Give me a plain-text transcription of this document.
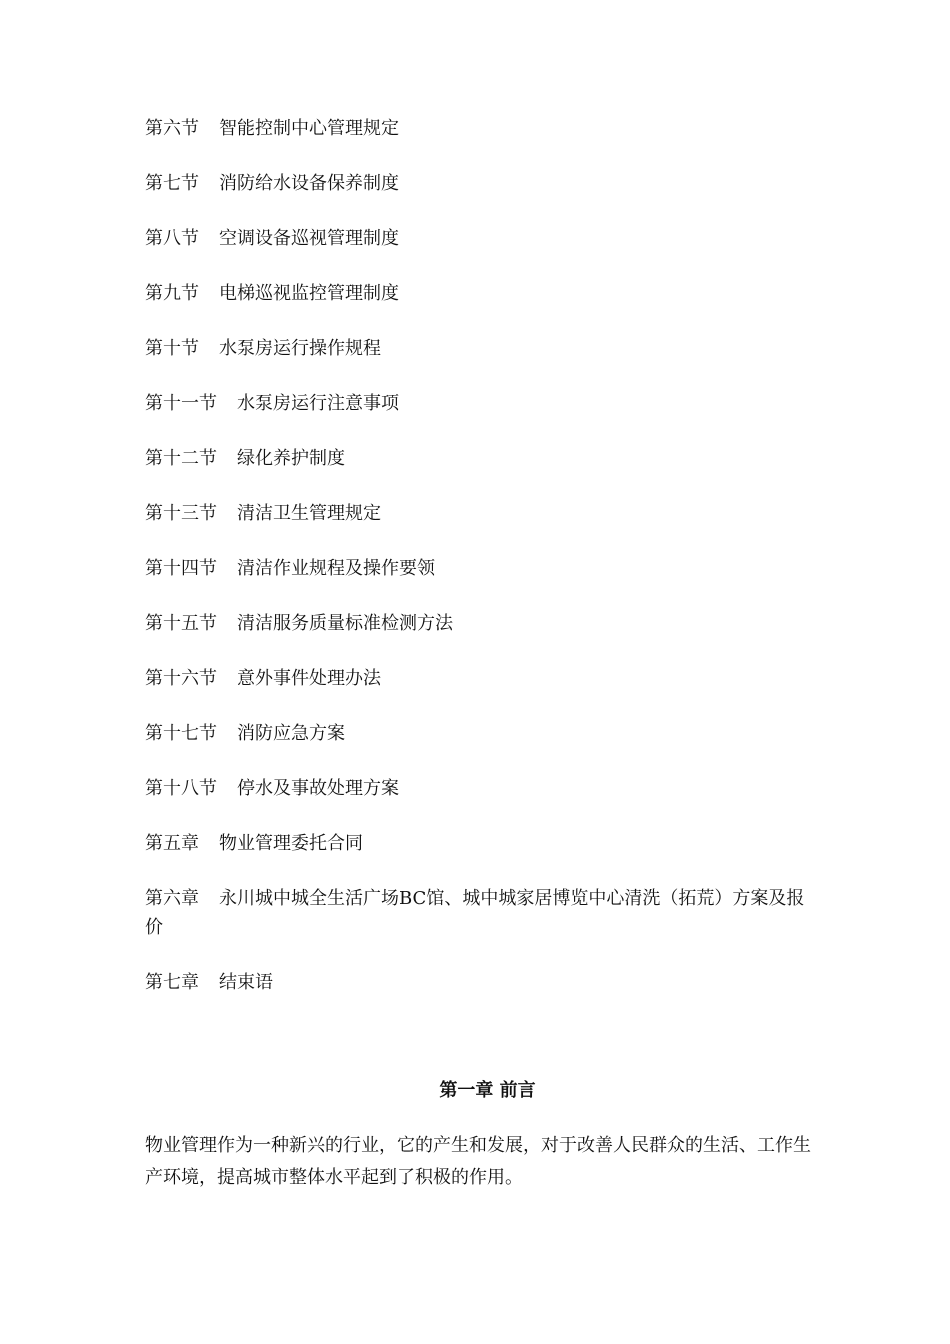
第六节 智能控制中心管理规定
第七节 消防给水设备保养制度
第八节 空调设备巡视管理制度
第九节 电梯巡视监控管理制度
第十节 水泵房运行操作规程
第十一节 水泵房运行注意事项
第十二节 绿化养护制度
第十三节 清洁卫生管理规定
第十四节 清洁作业规程及操作要领
第十五节 清洁服务质量标准检测方法
第十六节 意外事件处理办法
第十七节 消防应急方案
第十八节 停水及事故处理方案
第五章 物业管理委托合同
第六章 永川城中城全生活广场BC馆、城中城家居博览中心清洗（拓荒）方案及报价
第七章 结束语
第一章 前言

物业管理作为一种新兴的行业，它的产生和发展，对于改善人民群众的生活、工作生产环境，提高城市整体水平起到了积极的作用。
